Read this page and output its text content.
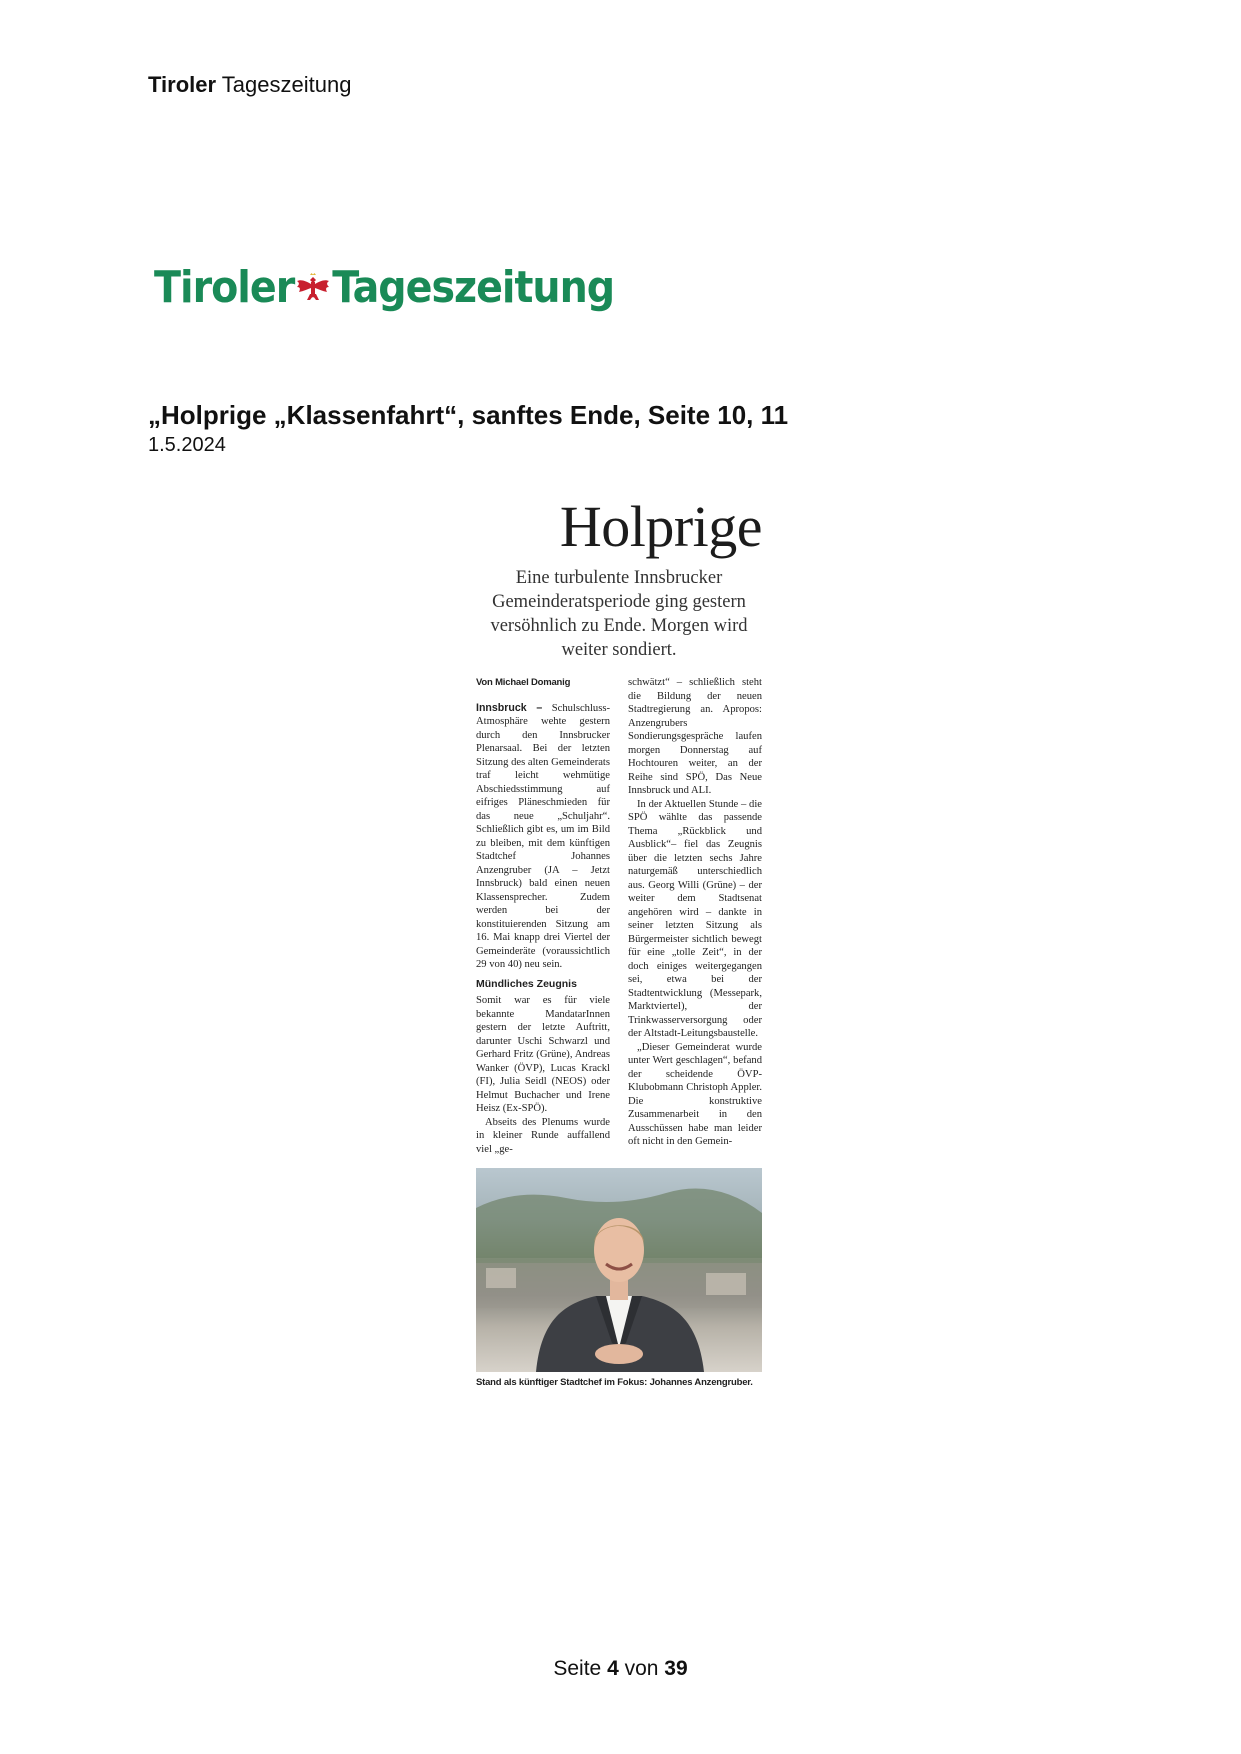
Tiroler Tageszeitung
Tiroler Tageszeitung
„Holprige „Klassenfahrt“, sanftes Ende, Seite 10, 11
1.5.2024
Holprige
Eine turbulente Innsbrucker Gemeinderatsperiode ging gestern versöhnlich zu Ende. Morgen wird weiter sondiert.
Von Michael Domanig

Innsbruck – Schulschluss-Atmosphäre wehte gestern durch den Innsbrucker Plenarsaal. Bei der letzten Sitzung des alten Gemeinderats traf leicht wehmütige Abschiedsstimmung auf eifriges Pläneschmieden für das neue „Schuljahr“. Schließlich gibt es, um im Bild zu bleiben, mit dem künftigen Stadtchef Johannes Anzengruber (JA – Jetzt Innsbruck) bald einen neuen Klassensprecher. Zudem werden bei der konstituierenden Sitzung am 16. Mai knapp drei Viertel der Gemeinderäte (voraussichtlich 29 von 40) neu sein.

Mündliches Zeugnis

Somit war es für viele bekannte MandatarInnen gestern der letzte Auftritt, darunter Uschi Schwarzl und Gerhard Fritz (Grüne), Andreas Wanker (ÖVP), Lucas Krackl (FI), Julia Seidl (NEOS) oder Helmut Buchacher und Irene Heisz (Ex-SPÖ).

Abseits des Plenums wurde in kleiner Runde auffallend viel „ge-

schwätzt“ – schließlich steht die Bildung der neuen Stadtregierung an. Apropos: Anzengrubers Sondierungsgespräche laufen morgen Donnerstag auf Hochtouren weiter, an der Reihe sind SPÖ, Das Neue Innsbruck und ALI.

In der Aktuellen Stunde – die SPÖ wählte das passende Thema „Rückblick und Ausblick“– fiel das Zeugnis über die letzten sechs Jahre naturgemäß unterschiedlich aus. Georg Willi (Grüne) – der weiter dem Stadtsenat angehören wird – dankte in seiner letzten Sitzung als Bürgermeister sichtlich bewegt für eine „tolle Zeit“, in der doch einiges weitergegangen sei, etwa bei der Stadtentwicklung (Messepark, Marktviertel), der Trinkwasserversorgung oder der Altstadt-Leitungsbaustelle.

„Dieser Gemeinderat wurde unter Wert geschlagen“, befand der scheidende ÖVP-Klubobmann Christoph Appler. Die konstruktive Zusammenarbeit in den Ausschüssen habe man leider oft nicht in den Gemein-

Stand als künftiger Stadtchef im Fokus: Johannes Anzengruber.
Seite 4 von 39
